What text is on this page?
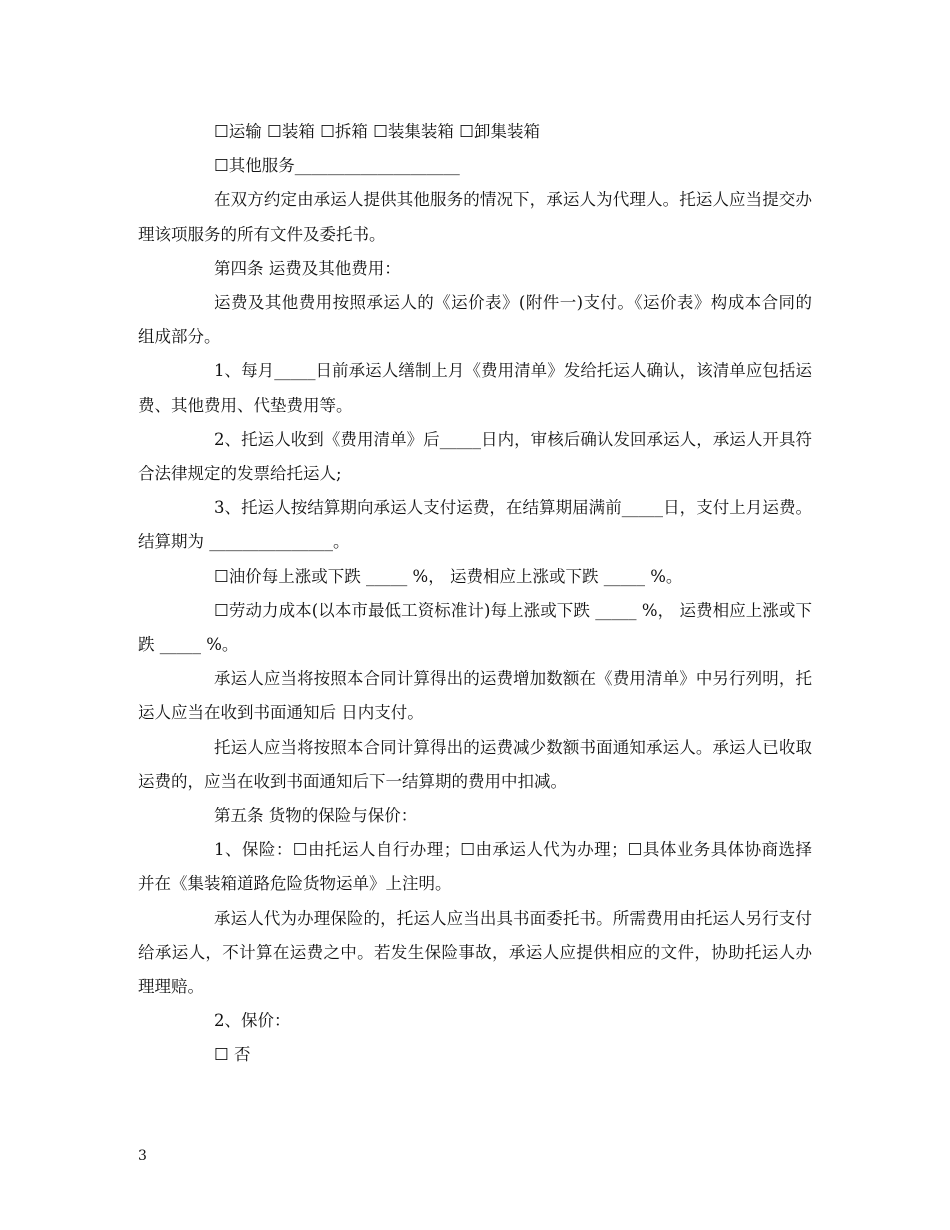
☐运输 ☐装箱 ☐拆箱 ☐装集装箱 ☐卸集装箱

☐其他服务____________________

在双方约定由承运人提供其他服务的情况下，承运人为代理人。托运人应当提交办理该项服务的所有文件及委托书。

第四条 运费及其他费用：

运费及其他费用按照承运人的《运价表》(附件一)支付。《运价表》构成本合同的组成部分。

1、每月_____日前承运人缮制上月《费用清单》发给托运人确认，该清单应包括运费、其他费用、代垫费用等。

2、托运人收到《费用清单》后_____日内，审核后确认发回承运人，承运人开具符合法律规定的发票给托运人;

3、托运人按结算期向承运人支付运费，在结算期届满前_____日，支付上月运费。结算期为 _______________。

☐油价每上涨或下跌 _____ %， 运费相应上涨或下跌 _____ %。

☐劳动力成本(以本市最低工资标准计)每上涨或下跌 _____ %， 运费相应上涨或下跌 _____ %。

承运人应当将按照本合同计算得出的运费增加数额在《费用清单》中另行列明，托运人应当在收到书面通知后 日内支付。

托运人应当将按照本合同计算得出的运费减少数额书面通知承运人。承运人已收取运费的，应当在收到书面通知后下一结算期的费用中扣减。

第五条 货物的保险与保价：

1、保险：☐由托运人自行办理；☐由承运人代为办理；☐具体业务具体协商选择并在《集装箱道路危险货物运单》上注明。

承运人代为办理保险的，托运人应当出具书面委托书。所需费用由托运人另行支付给承运人，不计算在运费之中。若发生保险事故，承运人应提供相应的文件，协助托运人办理理赔。

2、保价：

☐ 否

3
